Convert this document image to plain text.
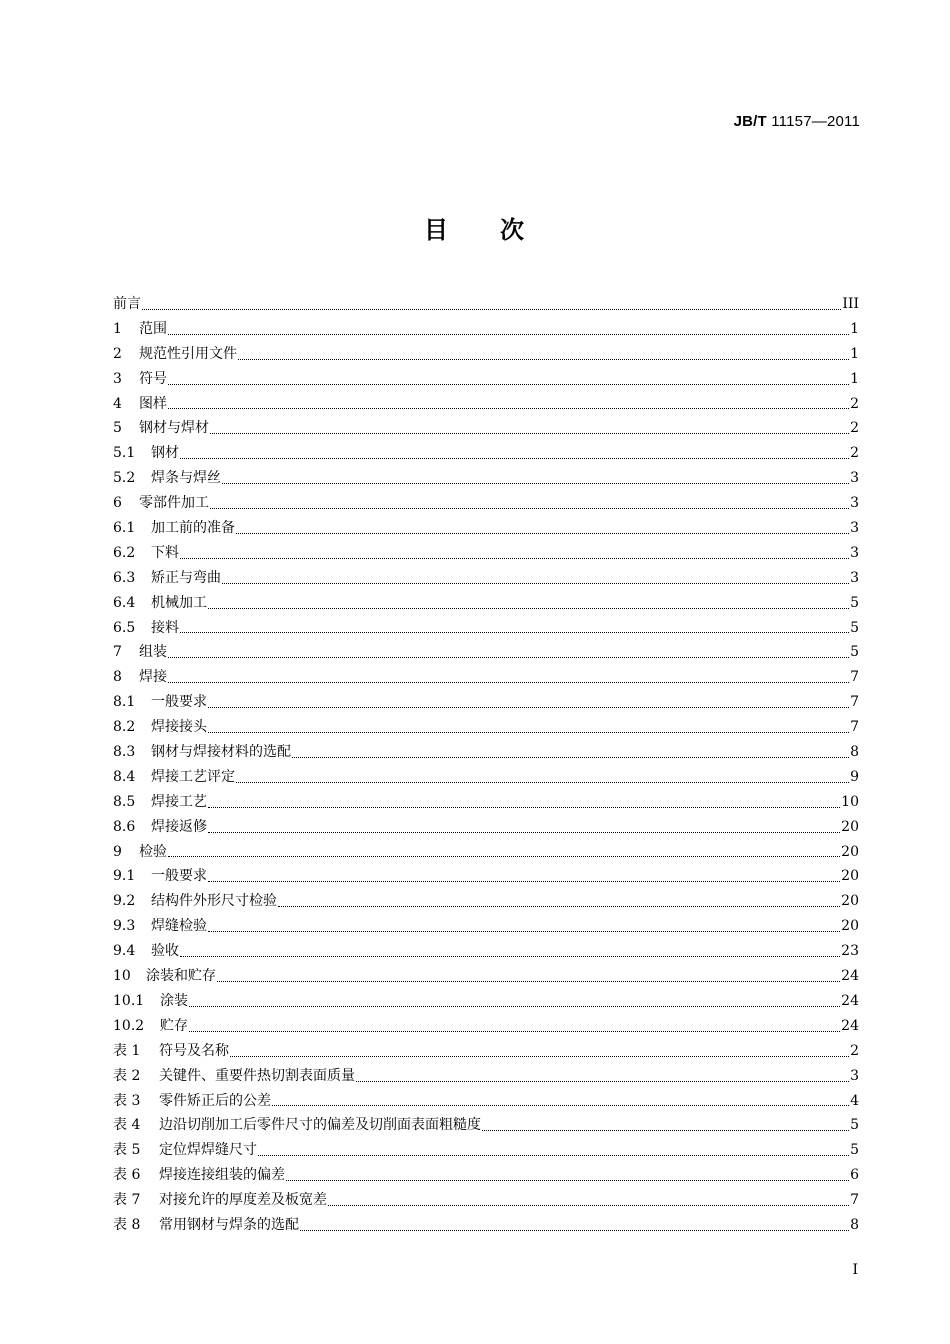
JB/T 11157—2011
目 次
前言	III
1	范围	1
2	规范性引用文件	1
3	符号	1
4	图样	2
5	钢材与焊材	2
5.1	钢材	2
5.2	焊条与焊丝	3
6	零部件加工	3
6.1	加工前的准备	3
6.2	下料	3
6.3	矫正与弯曲	3
6.4	机械加工	5
6.5	接料	5
7	组装	5
8	焊接	7
8.1	一般要求	7
8.2	焊接接头	7
8.3	钢材与焊接材料的选配	8
8.4	焊接工艺评定	9
8.5	焊接工艺	10
8.6	焊接返修	20
9	检验	20
9.1	一般要求	20
9.2	结构件外形尺寸检验	20
9.3	焊缝检验	20
9.4	验收	23
10	涂装和贮存	24
10.1	涂装	24
10.2	贮存	24
表 1	符号及名称	2
表 2	关键件、重要件热切割表面质量	3
表 3	零件矫正后的公差	4
表 4	边沿切削加工后零件尺寸的偏差及切削面表面粗糙度	5
表 5	定位焊焊缝尺寸	5
表 6	焊接连接组装的偏差	6
表 7	对接允许的厚度差及板宽差	7
表 8	常用钢材与焊条的选配	8
I
